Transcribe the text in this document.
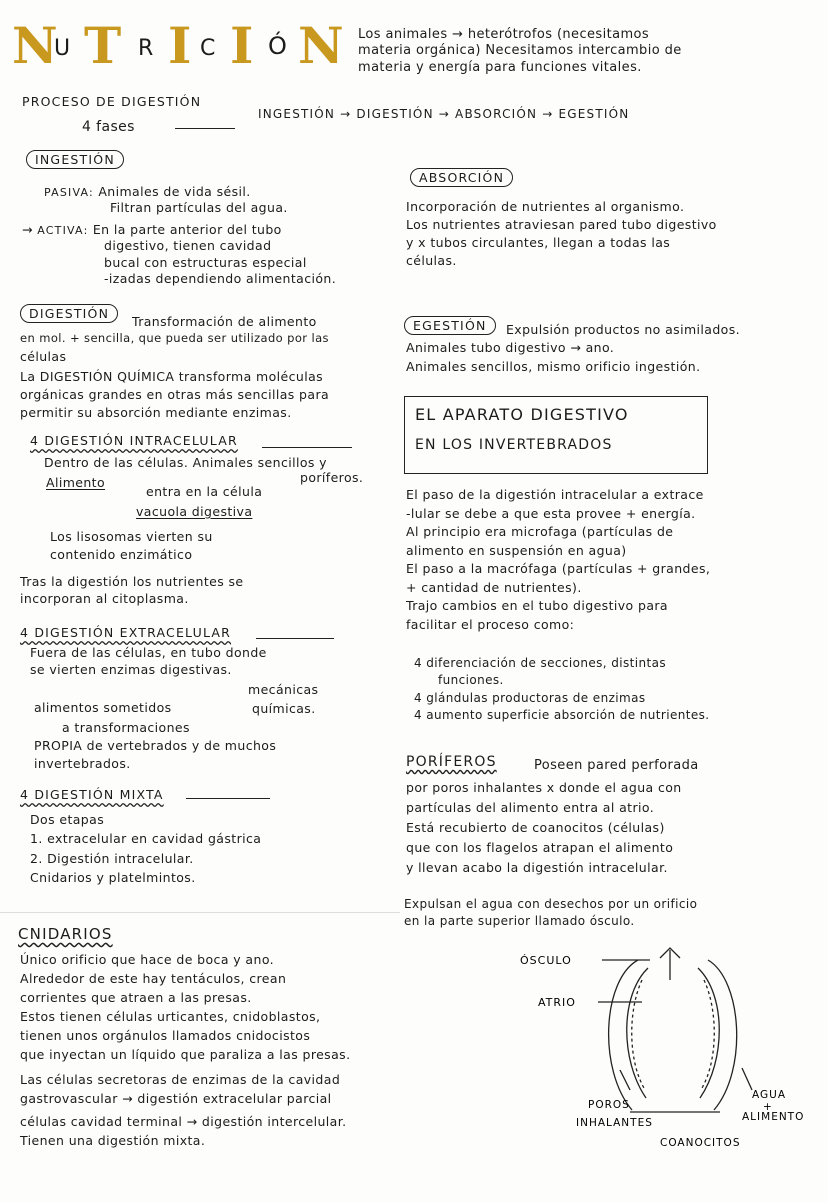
N
U T R I C I Ó N Los animales → heterótrofos (necesitamos
materia orgánica) Necesitamos intercambio de
materia y energía para funciones vitales.
PROCESO DE DIGESTIÓN
4 fases
INGESTIÓN → DIGESTIÓN → ABSORCIÓN → EGESTIÓN
INGESTIÓN
PASIVA: Animales de vida sésil.
Filtran partículas del agua.
→ ACTIVA: En la parte anterior del tubo
digestivo, tienen cavidad
bucal con estructuras especial
-izadas dependiendo alimentación.
DIGESTIÓN
Transformación de alimento
en mol. + sencilla, que pueda ser utilizado por las
células
La DIGESTIÓN QUÍMICA transforma moléculas
orgánicas grandes en otras más sencillas para
permitir su absorción mediante enzimas.
4 DIGESTIÓN INTRACELULAR
Dentro de las células. Animales sencillos y
poríferos.
Alimento
entra en la célula
vacuola digestiva
Los lisosomas vierten su
contenido enzimático
Tras la digestión los nutrientes se
incorporan al citoplasma.
4 DIGESTIÓN EXTRACELULAR
Fuera de las células, en tubo donde
se vierten enzimas digestivas.
alimentos sometidos
a transformaciones
mecánicas
químicas.
PROPIA de vertebrados y de muchos
invertebrados.
4 DIGESTIÓN MIXTA
Dos etapas
1. extracelular en cavidad gástrica
2. Digestión intracelular.
Cnidarios y platelmintos.
ABSORCIÓN
Incorporación de nutrientes al organismo.
Los nutrientes atraviesan pared tubo digestivo
y x tubos circulantes, llegan a todas las
células.
EGESTIÓN	Expulsión productos no asimilados.
Animales tubo digestivo → ano.
Animales sencillos, mismo orificio ingestión.
EL APARATO DIGESTIVO
EN LOS INVERTEBRADOS
El paso de la digestión intracelular a extrace
-lular se debe a que esta provee + energía.
Al principio era microfaga (partículas de
alimento en suspensión en agua)
El paso a la macrófaga (partículas + grandes,
+ cantidad de nutrientes).
Trajo cambios en el tubo digestivo para
facilitar el proceso como:
4 diferenciación de secciones, distintas
funciones.
4 glándulas productoras de enzimas
4 aumento superficie absorción de nutrientes.
PORÍFEROS	Poseen pared perforada
por poros inhalantes x donde el agua con
partículas del alimento entra al atrio.
Está recubierto de coanocitos (células)
que con los flagelos atrapan el alimento
y llevan acabo la digestión intracelular.
Expulsan el agua con desechos por un orificio
en la parte superior llamado ósculo.
ÓSCULO
ATRIO
POROS
INHALANTES
AGUA
+
ALIMENTO
COANOCITOS
CNIDARIOS
Único orificio que hace de boca y ano.
Alrededor de este hay tentáculos, crean
corrientes que atraen a las presas.
Estos tienen células urticantes, cnidoblastos,
tienen unos orgánulos llamados cnidocistos
que inyectan un líquido que paraliza a las presas.
Las células secretoras de enzimas de la cavidad
gastrovascular → digestión extracelular parcial
células cavidad terminal → digestión intercelular.
Tienen una digestión mixta.
